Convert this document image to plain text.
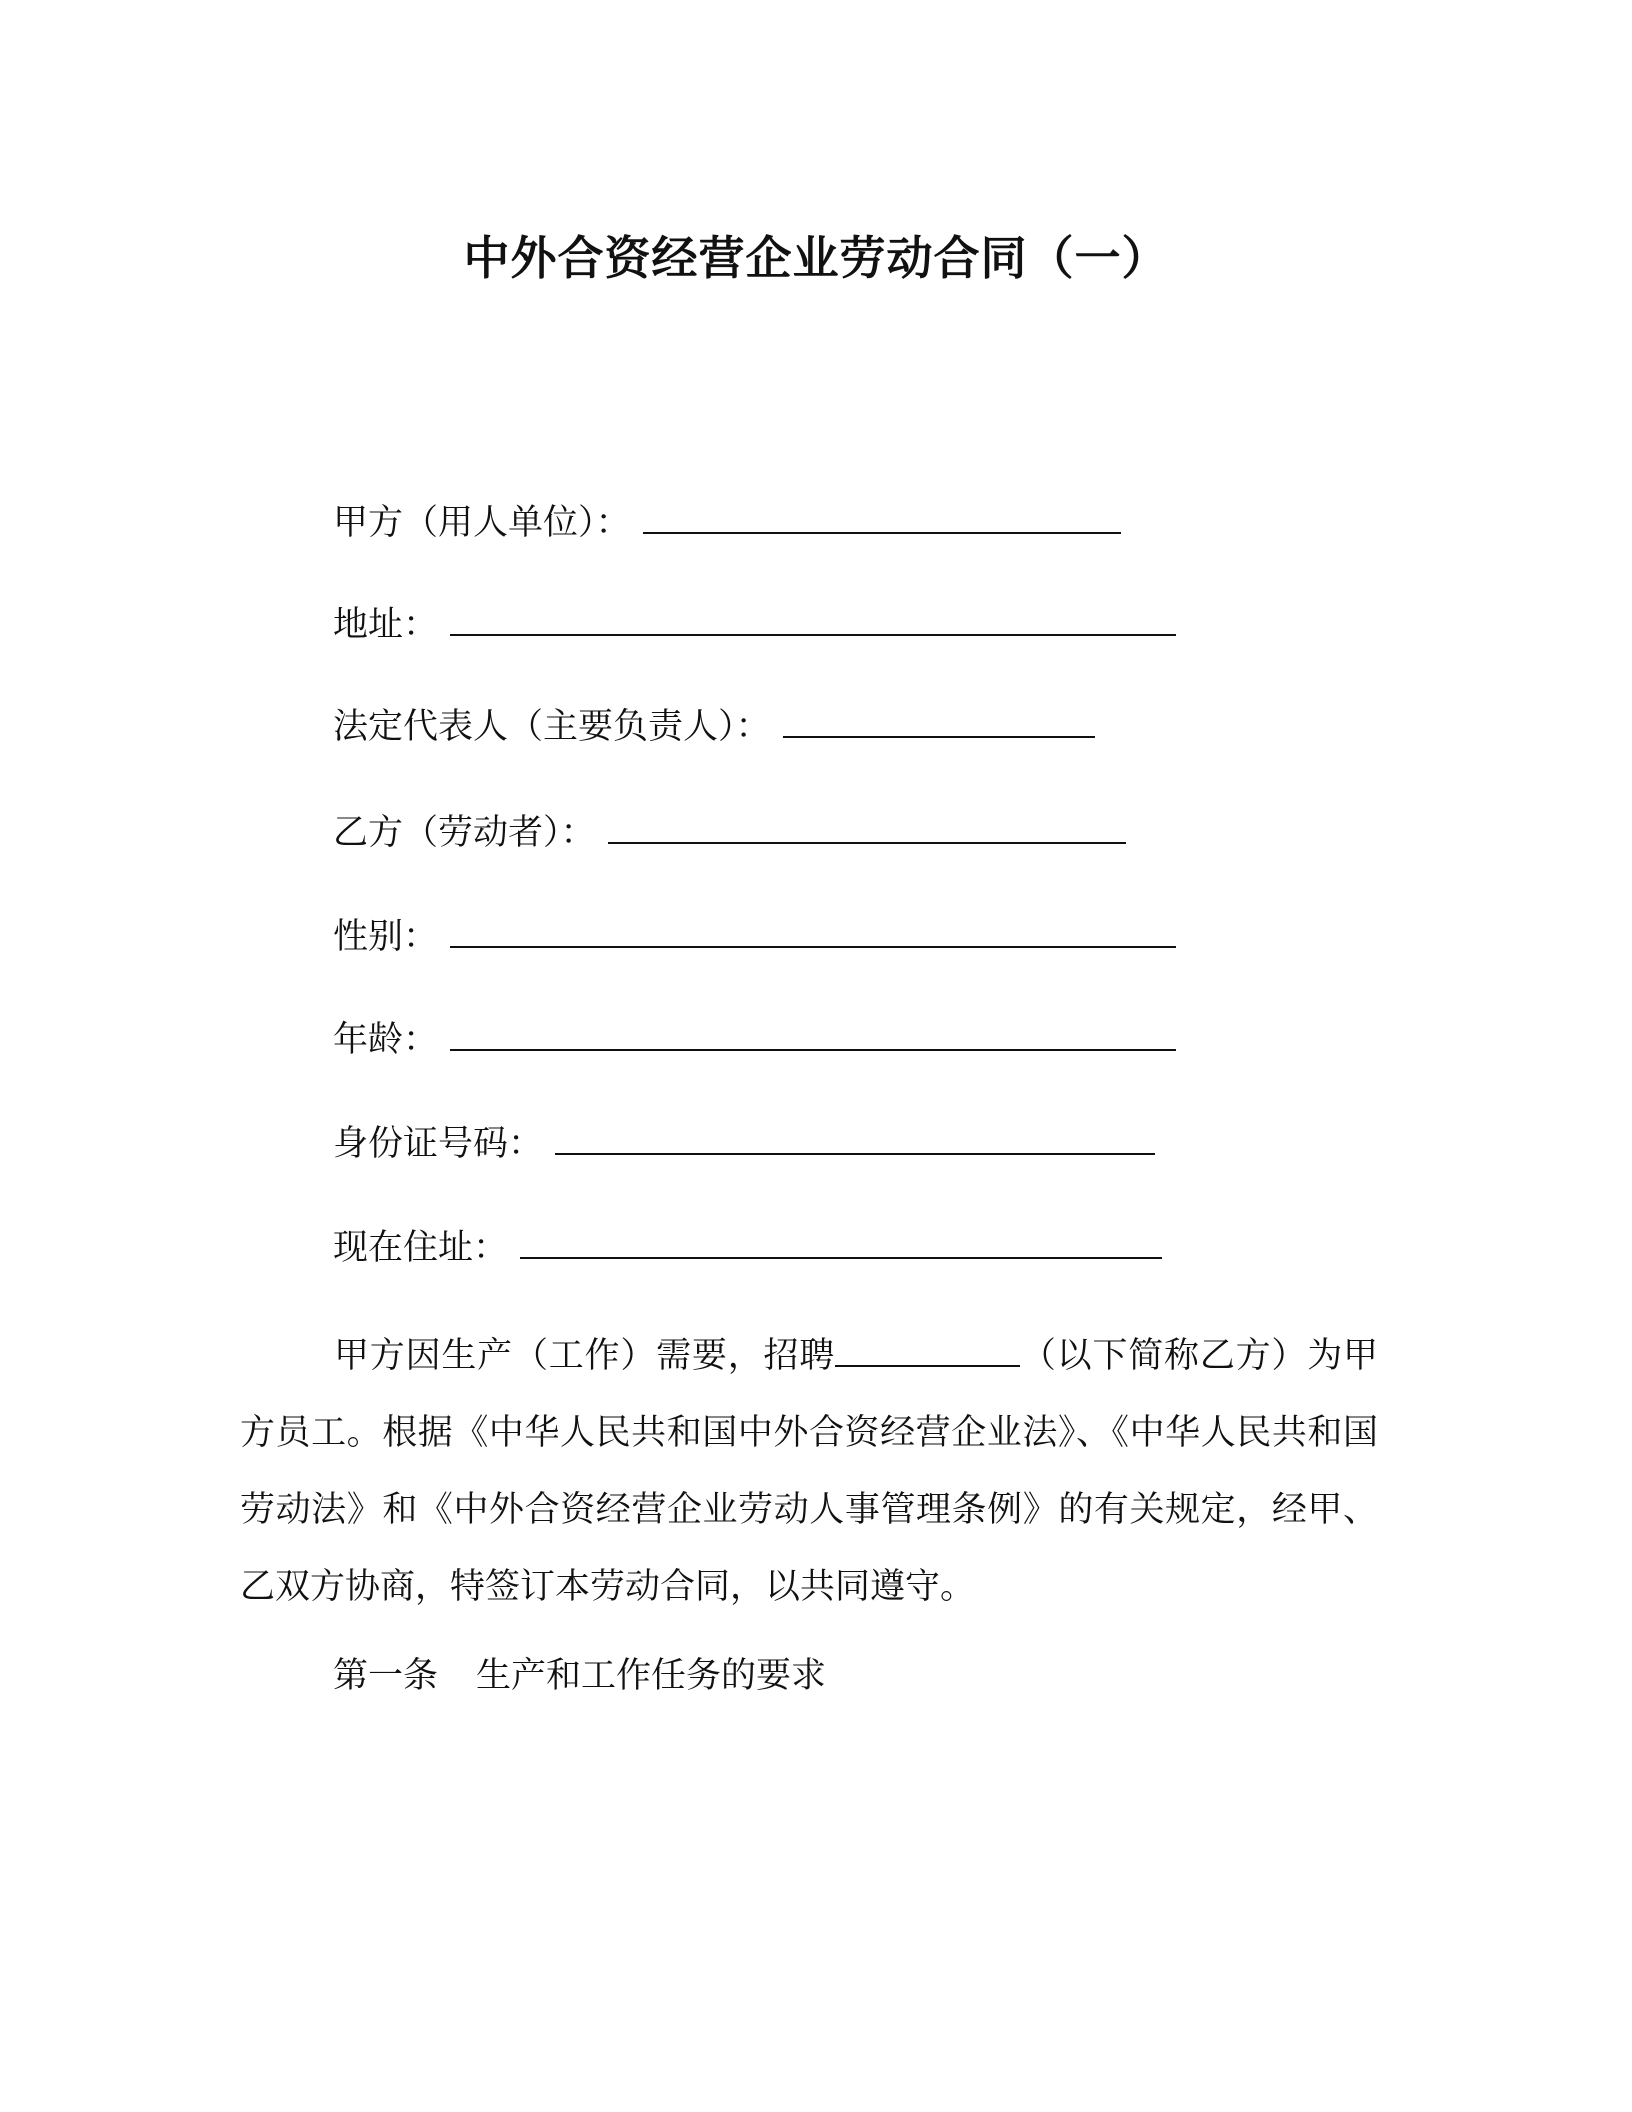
中外合资经营企业劳动合同（一）
甲方（用人单位）：
地址：
法定代表人（主要负责人）：
乙方（劳动者）：
性别：
年龄：
身份证号码：
现在住址：

甲方因生产（工作）需要，招聘	（以下简称乙方）为甲方员工。根据《中华人民共和国中外合资经营企业法》、《中华人民共和国劳动法》和《中外合资经营企业劳动人事管理条例》的有关规定，经甲、乙双方协商，特签订本劳动合同，以共同遵守。

第一条 生产和工作任务的要求
